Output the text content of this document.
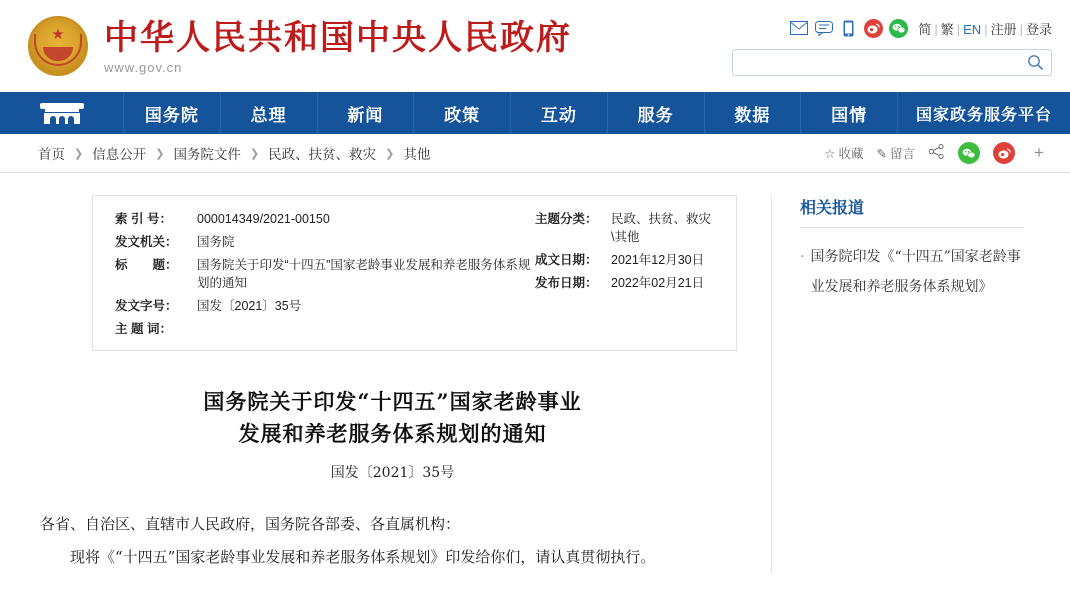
★ 中华人民共和国中央人民政府
www.gov.cn
简 | 繁 | EN | 注册 | 登录
国务院	总理	新闻	政策	互动	服务	数据	国情	国家政务服务平台
首页 ❯ 信息公开 ❯ 国务院文件 ❯ 民政、扶贫、救灾 ❯ 其他	☆ 收藏 ✎ 留言	+
索 引 号：	000014349/2021-00150
发文机关：	国务院
标　　题：	国务院关于印发“十四五”国家老龄事业发展和养老服务体系规划的通知
发文字号：	国发〔2021〕35号
主 题 词：
主题分类：	民政、扶贫、救灾\其他
成文日期：	2021年12月30日
发布日期：	2022年02月21日
国务院关于印发“十四五”国家老龄事业
发展和养老服务体系规划的通知
国发〔2021〕35号

各省、自治区、直辖市人民政府，国务院各部委、各直属机构：

现将《“十四五”国家老龄事业发展和养老服务体系规划》印发给你们，请认真贯彻执行。

相关报道
· 国务院印发《“十四五”国家老龄事业发展和养老服务体系规划》
